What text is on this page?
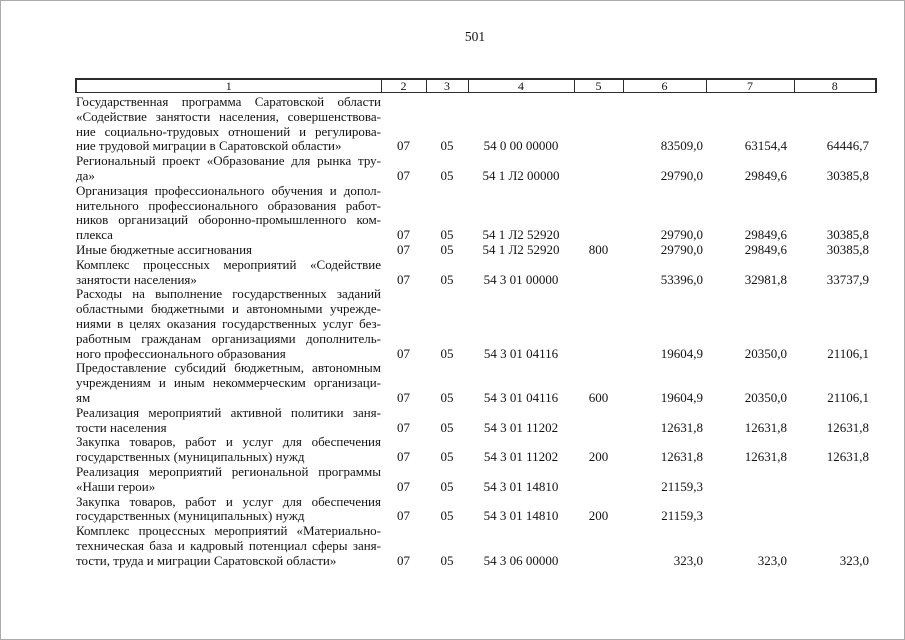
501
1	2	3	4	5	6	7	8

Государственная программа Саратовской области
«Содействие занятости населения, совершенствова-
ние социально-трудовых отношений и регулирова-
ние трудовой миграции в Саратовской области»	07	05	54 0 00 00000		83509,0	63154,4	64446,7

Региональный проект «Образование для рынка тру-
да»	07	05	54 1 Л2 00000		29790,0	29849,6	30385,8

Организация профессионального обучения и допол-
нительного профессионального образования работ-
ников организаций оборонно-промышленного ком-
плекса	07	05	54 1 Л2 52920		29790,0	29849,6	30385,8

Иные бюджетные ассигнования	07	05	54 1 Л2 52920	800	29790,0	29849,6	30385,8

Комплекс процессных мероприятий «Содействие
занятости населения»	07	05	54 3 01 00000		53396,0	32981,8	33737,9

Расходы на выполнение государственных заданий
областными бюджетными и автономными учрежде-
ниями в целях оказания государственных услуг без-
работным гражданам организациями дополнитель-
ного профессионального образования	07	05	54 3 01 04116		19604,9	20350,0	21106,1

Предоставление субсидий бюджетным, автономным
учреждениям и иным некоммерческим организаци-
ям	07	05	54 3 01 04116	600	19604,9	20350,0	21106,1

Реализация мероприятий активной политики заня-
тости населения	07	05	54 3 01 11202		12631,8	12631,8	12631,8

Закупка товаров, работ и услуг для обеспечения
государственных (муниципальных) нужд	07	05	54 3 01 11202	200	12631,8	12631,8	12631,8

Реализация мероприятий региональной программы
«Наши герои»	07	05	54 3 01 14810		21159,3		

Закупка товаров, работ и услуг для обеспечения
государственных (муниципальных) нужд	07	05	54 3 01 14810	200	21159,3		

Комплекс процессных мероприятий «Материально-
техническая база и кадровый потенциал сферы заня-
тости, труда и миграции Саратовской области»	07	05	54 3 06 00000		323,0	323,0	323,0
